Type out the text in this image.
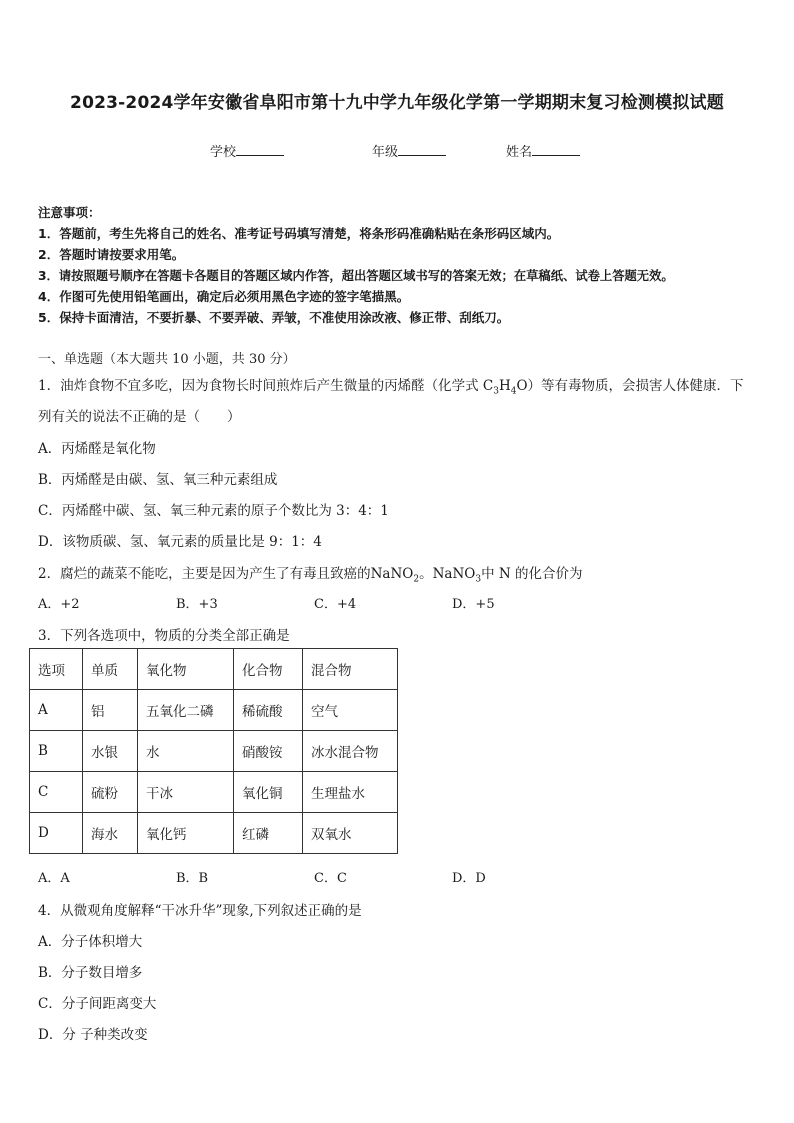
2023-2024学年安徽省阜阳市第十九中学九年级化学第一学期期末复习检测模拟试题
学校	年级	姓名
注意事项：
1．答题前，考生先将自己的姓名、准考证号码填写清楚，将条形码准确粘贴在条形码区域内。
2．答题时请按要求用笔。
3．请按照题号顺序在答题卡各题目的答题区域内作答，超出答题区域书写的答案无效；在草稿纸、试卷上答题无效。
4．作图可先使用铅笔画出，确定后必须用黑色字迹的签字笔描黑。
5．保持卡面清洁，不要折暴、不要弄破、弄皱，不准使用涂改液、修正带、刮纸刀。
一、单选题（本大题共 10 小题，共 30 分）
1．油炸食物不宜多吃，因为食物长时间煎炸后产生微量的丙烯醛（化学式 $C_3H_4O$）等有毒物质，会损害人体健康．下
列有关的说法不正确的是（　　）
A．丙烯醛是氧化物
B．丙烯醛是由碳、氢、氧三种元素组成
C．丙烯醛中碳、氢、氧三种元素的原子个数比为 3：4：1
D．该物质碳、氢、氧元素的质量比是 9：1：4
2．腐烂的蔬菜不能吃，主要是因为产生了有毒且致癌的NaNO$_2$。NaNO$_3$中 N 的化合价为
A．+2	B．+3	C．+4	D．+5
3．下列各选项中，物质的分类全部正确是
选项	单质	氧化物	化合物	混合物
A	铝	五氧化二磷	稀硫酸	空气
B	水银	水	硝酸铵	冰水混合物
C	硫粉	干冰	氧化铜	生理盐水
D	海水	氧化钙	红磷	双氧水
A．A	B．B	C．C	D．D
4．从微观角度解释“干冰升华”现象,下列叙述正确的是
A．分子体积增大
B．分子数目增多
C．分子间距离变大
D．分 子种类改变
